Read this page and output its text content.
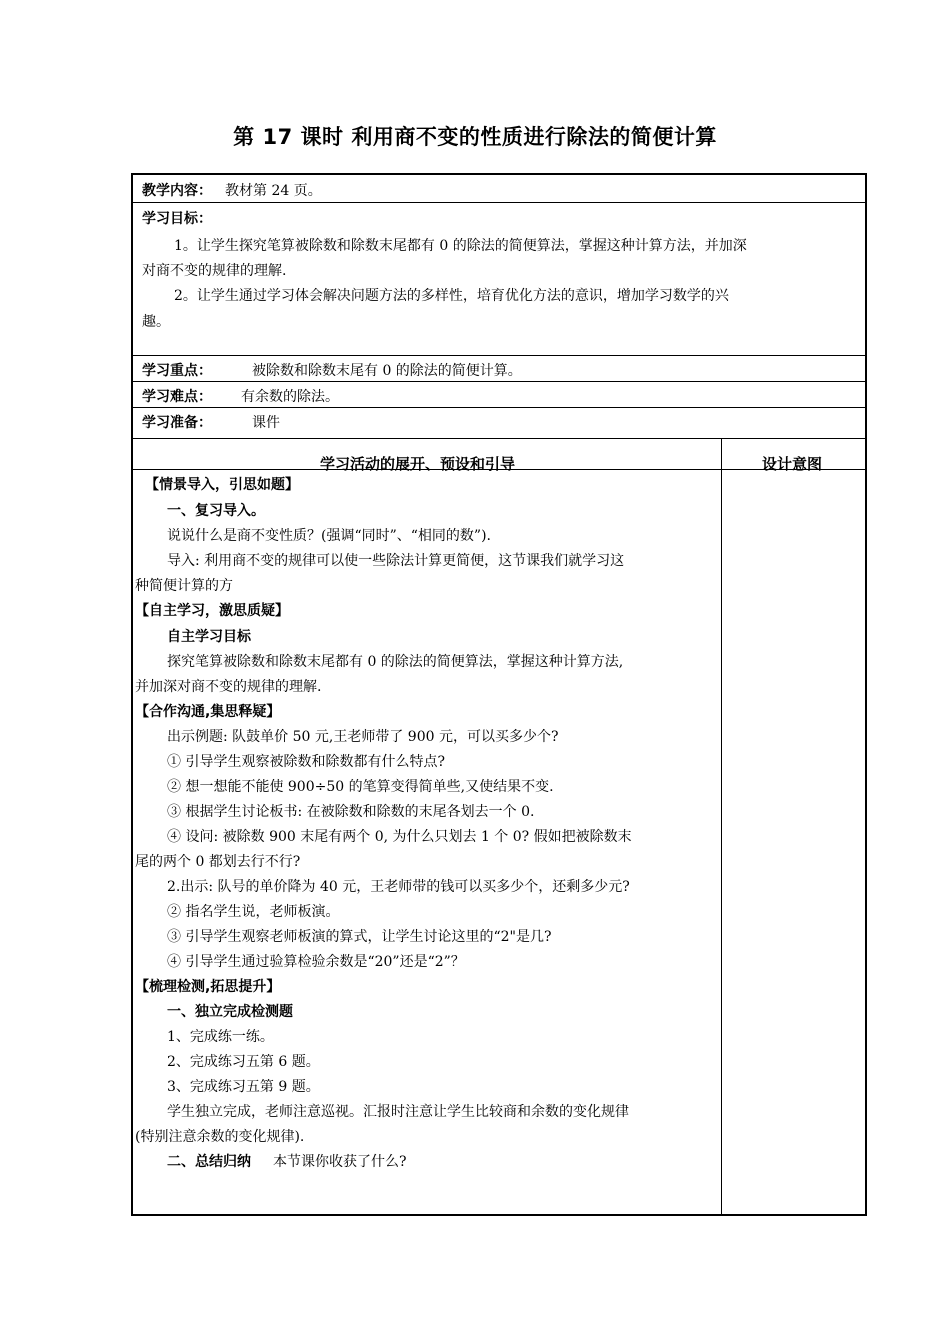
第 17 课时 利用商不变的性质进行除法的简便计算
教学内容： 教材第 24 页。
学习目标：
1。让学生探究笔算被除数和除数末尾都有 0 的除法的简便算法，掌握这种计算方法，并加深
对商不变的规律的理解.
2。让学生通过学习体会解决问题方法的多样性，培育优化方法的意识，增加学习数学的兴
趣。
学习重点：	被除数和除数末尾有 0 的除法的简便计算。
学习难点： 有余数的除法。
学习准备：	课件
学习活动的展开、预设和引导	设计意图
【情景导入，引思如题】
一、复习导入。
说说什么是商不变性质？(强调“同时”、“相同的数”).
导入: 利用商不变的规律可以使一些除法计算更简便，这节课我们就学习这
种简便计算的方
【自主学习，激思质疑】
自主学习目标
探究笔算被除数和除数末尾都有 0 的除法的简便算法，掌握这种计算方法,
并加深对商不变的规律的理解.
【合作沟通,集思释疑】
出示例题: 队鼓单价 50 元,王老师带了 900 元，可以买多少个?
① 引导学生观察被除数和除数都有什么特点?
② 想一想能不能使 900÷50 的笔算变得简单些,又使结果不变.
③ 根据学生讨论板书: 在被除数和除数的末尾各划去一个 0.
④ 设问: 被除数 900 末尾有两个 0, 为什么只划去 1 个 0? 假如把被除数末
尾的两个 0 都划去行不行?
2.出示: 队号的单价降为 40 元，王老师带的钱可以买多少个，还剩多少元?
② 指名学生说，老师板演。
③ 引导学生观察老师板演的算式，让学生讨论这里的“2"是几?
④ 引导学生通过验算检验余数是“20”还是“2”？
【梳理检测,拓思提升】
一、独立完成检测题
1、完成练一练。
2、完成练习五第 6 题。
3、完成练习五第 9 题。
学生独立完成，老师注意巡视。汇报时注意让学生比较商和余数的变化规律
(特别注意余数的变化规律).
二、总结归纳 本节课你收获了什么?
